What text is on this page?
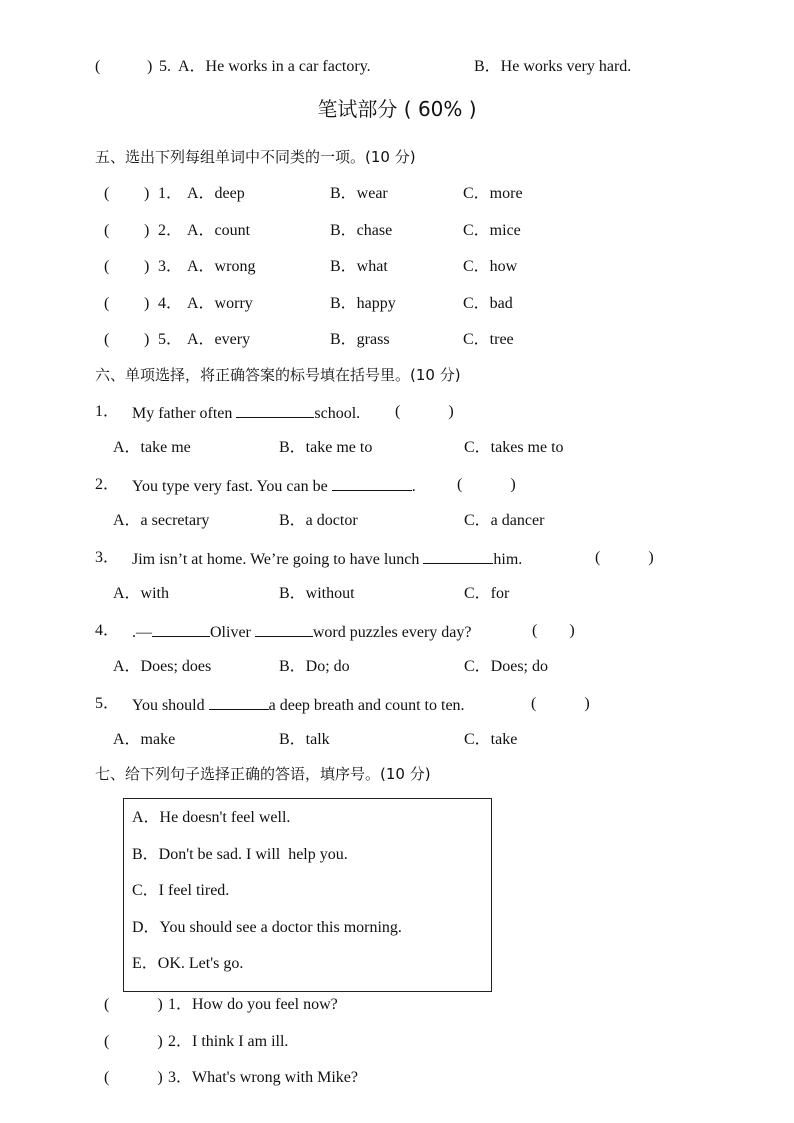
(	) 5. A．He works in a car factory.	B．He works very hard.
笔试部分 ( 60% )
五、选出下列每组单词中不同类的一项。(10 分)
( ) 1． A．deep	B．wear	C．more
( ) 2． A．count	B．chase	C．mice
( ) 3． A．wrong	B．what	C．how
( ) 4． A．worry	B．happy	C．bad
( ) 5． A．every	B．grass	C．tree
六、单项选择，将正确答案的标号填在括号里。(10 分)
1． My father often	school. (　　　)
A．take me	B．take me to	C．takes me to
2． You type very fast. You can be	.	(　　　)
A．a secretary	B．a doctor	C．a dancer
3． Jim isn’t at home. We’re going to have lunch	him.	(　　　)
A．with	B．without	C．for
4． .—	Oliver	word puzzles every day?	(　　)
A．Does; does	B．Do; do	C．Does; do
5． You should	a deep breath and count to ten.	(　　　)
A．make	B．talk	C．take
七、给下列句子选择正确的答语，填序号。(10 分)
A．He doesn't feel well.
B．Don't be sad. I will  help you.
C．I feel tired.
D．You should see a doctor this morning.
E．OK. Let's go.
(　　　) 1．How do you feel now?
(　　　) 2．I think I am ill.
(　　　) 3．What's wrong with Mike?
